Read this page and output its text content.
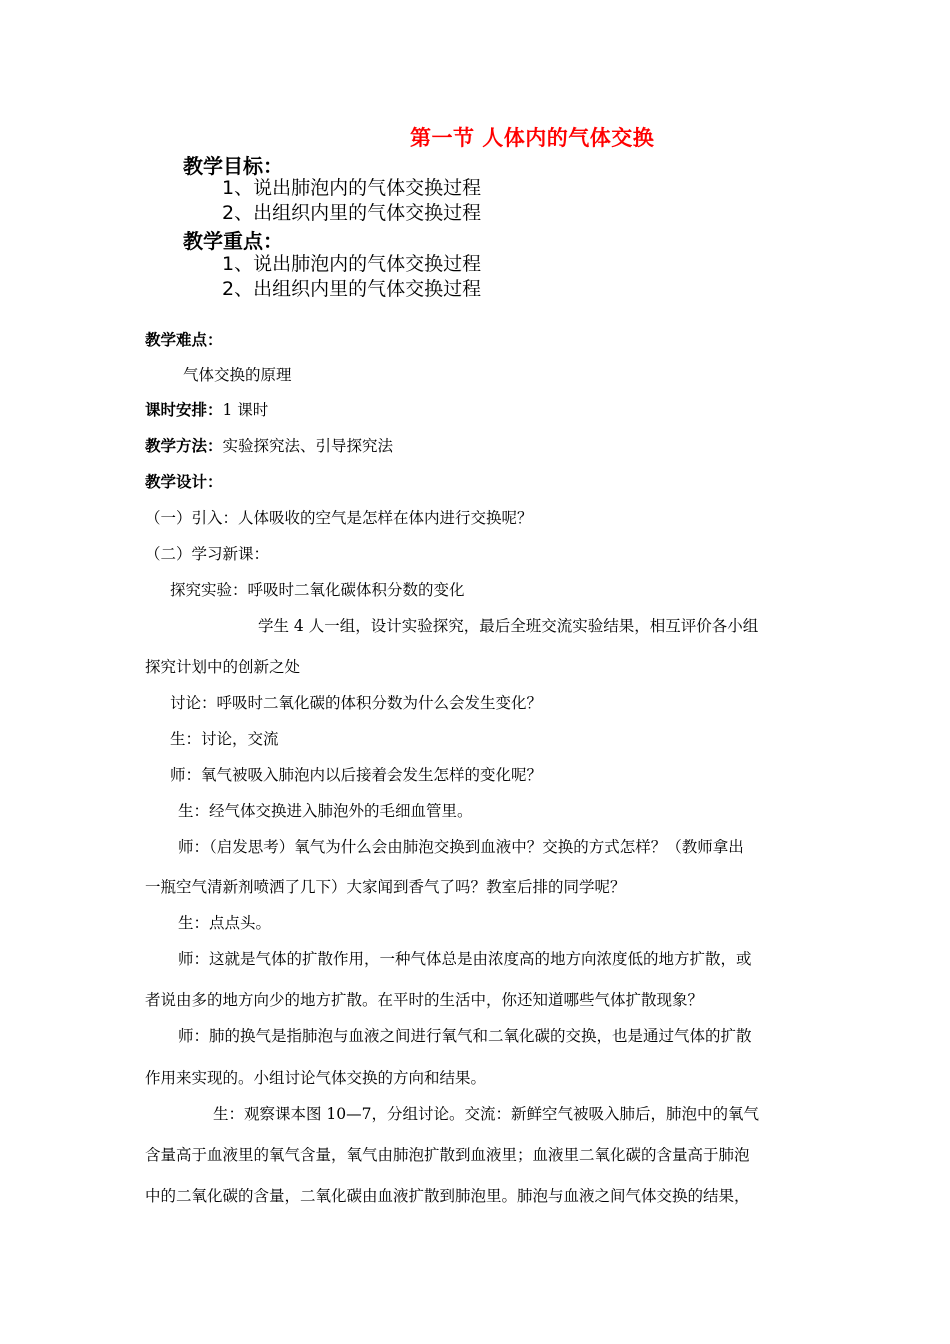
第一节 人体内的气体交换
教学目标：
1、说出肺泡内的气体交换过程
2、出组织内里的气体交换过程
教学重点：
1、说出肺泡内的气体交换过程
2、出组织内里的气体交换过程
教学难点：
气体交换的原理
课时安排：1 课时
教学方法：实验探究法、引导探究法
教学设计：
（一）引入：人体吸收的空气是怎样在体内进行交换呢？
（二）学习新课：
探究实验：呼吸时二氧化碳体积分数的变化
学生 4 人一组，设计实验探究，最后全班交流实验结果，相互评价各小组
探究计划中的创新之处
讨论：呼吸时二氧化碳的体积分数为什么会发生变化？
生：讨论，交流
师：氧气被吸入肺泡内以后接着会发生怎样的变化呢？
生：经气体交换进入肺泡外的毛细血管里。
师：（启发思考）氧气为什么会由肺泡交换到血液中？交换的方式怎样？（教师拿出
一瓶空气清新剂喷洒了几下）大家闻到香气了吗？教室后排的同学呢？
生：点点头。
师：这就是气体的扩散作用，一种气体总是由浓度高的地方向浓度低的地方扩散，或
者说由多的地方向少的地方扩散。在平时的生活中，你还知道哪些气体扩散现象？
师：肺的换气是指肺泡与血液之间进行氧气和二氧化碳的交换，也是通过气体的扩散
作用来实现的。小组讨论气体交换的方向和结果。
生：观察课本图 10—7，分组讨论。交流：新鲜空气被吸入肺后，肺泡中的氧气
含量高于血液里的氧气含量，氧气由肺泡扩散到血液里；血液里二氧化碳的含量高于肺泡
中的二氧化碳的含量，二氧化碳由血液扩散到肺泡里。肺泡与血液之间气体交换的结果，
